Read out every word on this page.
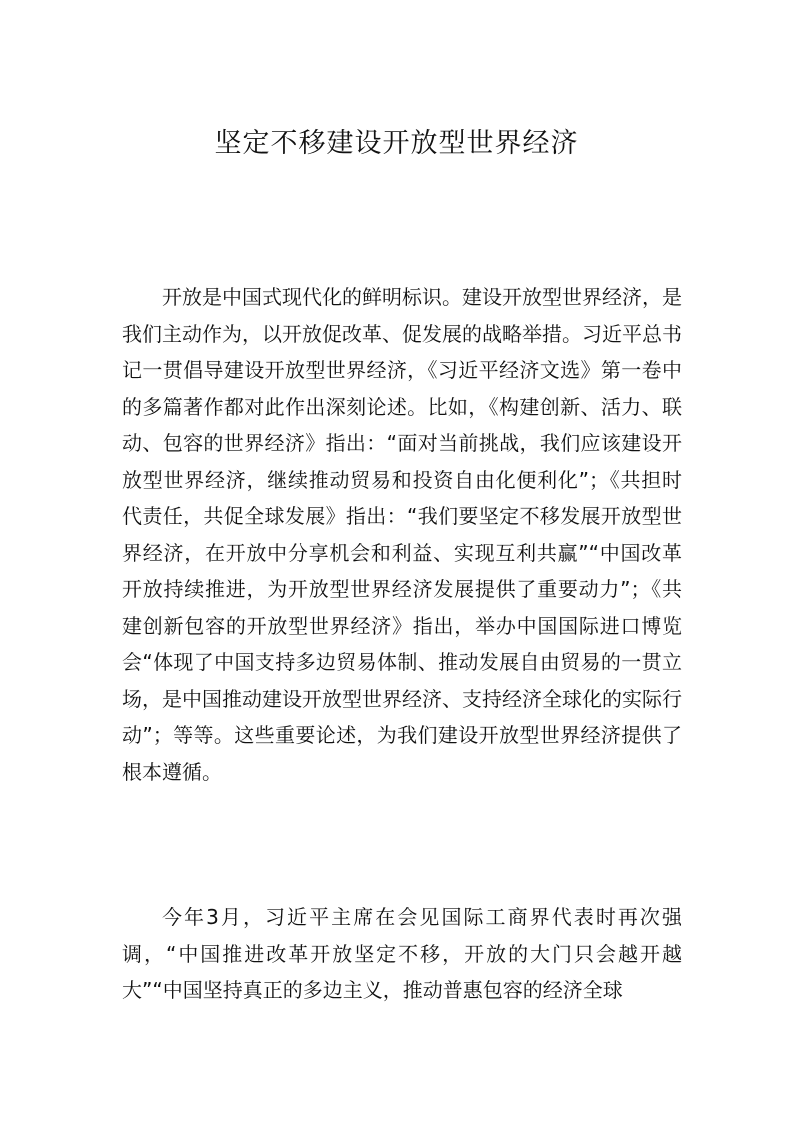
坚定不移建设开放型世界经济

开放是中国式现代化的鲜明标识。建设开放型世界经济，是我们主动作为，以开放促改革、促发展的战略举措。习近平总书记一贯倡导建设开放型世界经济，《习近平经济文选》第一卷中的多篇著作都对此作出深刻论述。比如，《构建创新、活力、联动、包容的世界经济》指出：“面对当前挑战，我们应该建设开放型世界经济，继续推动贸易和投资自由化便利化”；《共担时代责任，共促全球发展》指出：“我们要坚定不移发展开放型世界经济，在开放中分享机会和利益、实现互利共赢”“中国改革开放持续推进，为开放型世界经济发展提供了重要动力”；《共建创新包容的开放型世界经济》指出，举办中国国际进口博览会“体现了中国支持多边贸易体制、推动发展自由贸易的一贯立场，是中国推动建设开放型世界经济、支持经济全球化的实际行动”；等等。这些重要论述，为我们建设开放型世界经济提供了根本遵循。

今年3月，习近平主席在会见国际工商界代表时再次强调，“中国推进改革开放坚定不移，开放的大门只会越开越大”“中国坚持真正的多边主义，推动普惠包容的经济全球
